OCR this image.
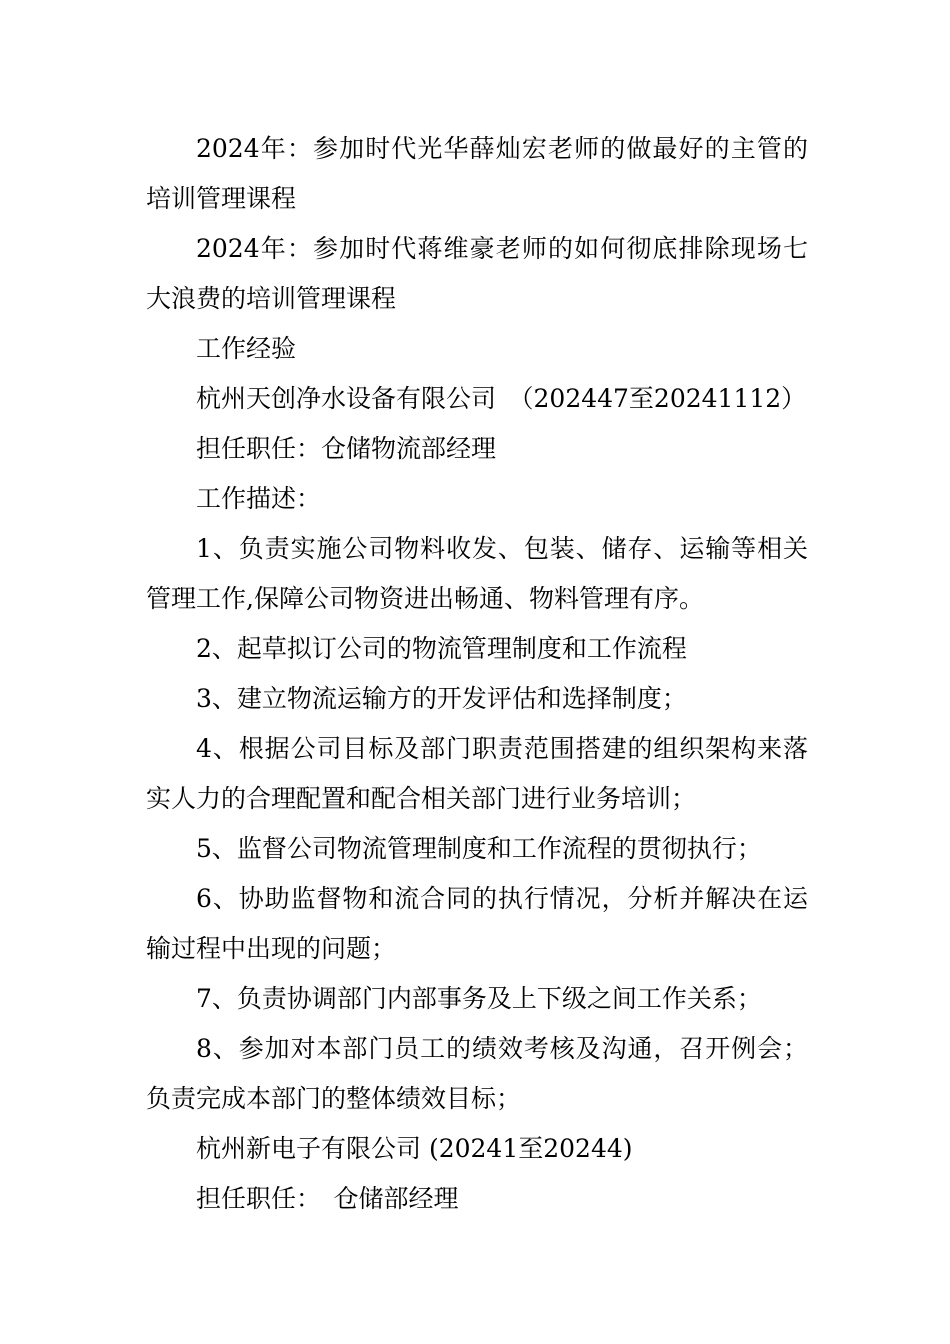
2024年：参加时代光华薛灿宏老师的做最好的主管的培训管理课程

2024年：参加时代蒋维豪老师的如何彻底排除现场七大浪费的培训管理课程

工作经验

杭州天创净水设备有限公司　（202447至20241112）

担任职任：仓储物流部经理

工作描述：

1、负责实施公司物料收发、包装、储存、运输等相关管理工作,保障公司物资进出畅通、物料管理有序。

2、起草拟订公司的物流管理制度和工作流程

3、建立物流运输方的开发评估和选择制度；

4、根据公司目标及部门职责范围搭建的组织架构来落实人力的合理配置和配合相关部门进行业务培训；

5、监督公司物流管理制度和工作流程的贯彻执行；

6、协助监督物和流合同的执行情况，分析并解决在运输过程中出现的问题；

7、负责协调部门内部事务及上下级之间工作关系；

8、参加对本部门员工的绩效考核及沟通，召开例会；负责完成本部门的整体绩效目标；

杭州新电子有限公司 (20241至20244)

担任职任：　仓储部经理
